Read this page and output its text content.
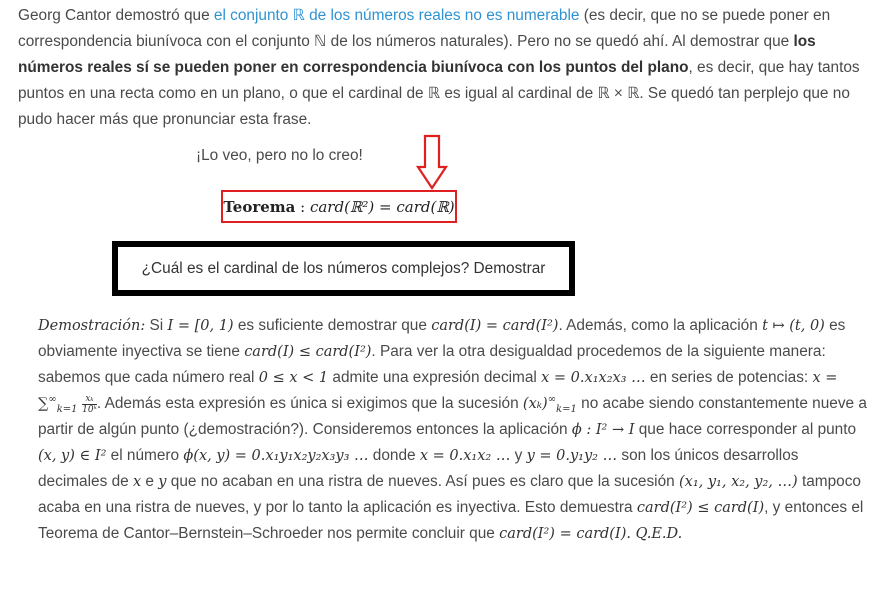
Georg Cantor demostró que el conjunto ℝ de los números reales no es numerable (es decir, que no se puede poner en correspondencia biunívoca con el conjunto ℕ de los números naturales). Pero no se quedó ahí. Al demostrar que los números reales sí se pueden poner en correspondencia biunívoca con los puntos del plano, es decir, que hay tantos puntos en una recta como en un plano, o que el cardinal de ℝ es igual al cardinal de ℝ × ℝ. Se quedó tan perplejo que no pudo hacer más que pronunciar esta frase.

¡Lo veo, pero no lo creo!
Teorema : card(ℝ²) = card(ℝ)
¿Cuál es el cardinal de los números complejos? Demostrar

Demostración: Si I = [0, 1) es suficiente demostrar que card(I) = card(I²). Además, como la aplicación t ↦ (t, 0) es obviamente inyectiva se tiene card(I) ≤ card(I²). Para ver la otra desigualdad procedemos de la siguiente manera: sabemos que cada número real 0 ≤ x < 1 admite una expresión decimal x = 0.x₁x₂x₃ … en series de potencias: $x = \sum^\infty_{k=1} \frac{\text{xₖ}}{\text{10ᵏ}}$ . Además esta expresión es única si exigimos que la sucesión $(x_k)^\infty_{k=1}$ no acabe siendo constantemente nueve a partir de algún punto (¿demostración?). Consideremos entonces la aplicación ϕ : I² → I que hace corresponder al punto (x, y) ∈ I² el número ϕ(x, y) = 0.x₁y₁x₂y₂x₃y₃ … donde x = 0.x₁x₂ … y y = 0.y₁y₂ … son los únicos desarrollos decimales de x e y que no acaban en una ristra de nueves. Así pues es claro que la sucesión (x₁, y₁, x₂, y₂, …) tampoco acaba en una ristra de nueves, y por lo tanto la aplicación es inyectiva. Esto demuestra card(I²) ≤ card(I), y entonces el Teorema de Cantor–Bernstein–Schroeder nos permite concluir que card(I²) = card(I). Q.E.D.
